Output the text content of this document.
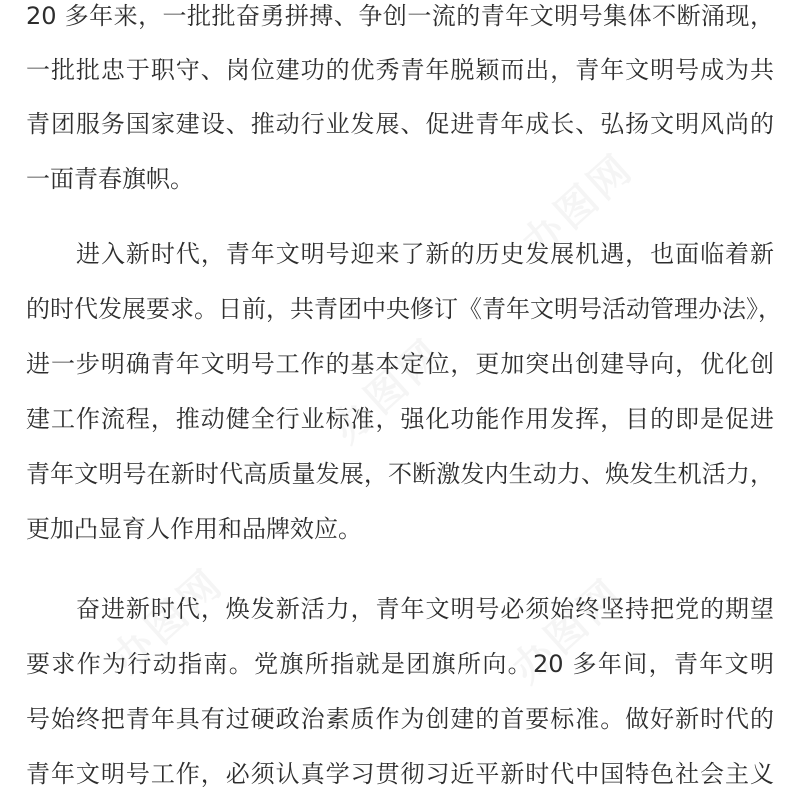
办图网
办图网
办图网	办图网
20 多年来，一批批奋勇拼搏、争创一流的青年文明号集体不断涌现，
一批批忠于职守、岗位建功的优秀青年脱颖而出，青年文明号成为共
青团服务国家建设、推动行业发展、促进青年成长、弘扬文明风尚的
一面青春旗帜。
进入新时代，青年文明号迎来了新的历史发展机遇，也面临着新
的时代发展要求。日前，共青团中央修订《青年文明号活动管理办法》，
进一步明确青年文明号工作的基本定位，更加突出创建导向，优化创
建工作流程，推动健全行业标准，强化功能作用发挥，目的即是促进
青年文明号在新时代高质量发展，不断激发内生动力、焕发生机活力，
更加凸显育人作用和品牌效应。
奋进新时代，焕发新活力，青年文明号必须始终坚持把党的期望
要求作为行动指南。党旗所指就是团旗所向。20 多年间，青年文明
号始终把青年具有过硬政治素质作为创建的首要标准。做好新时代的
青年文明号工作，必须认真学习贯彻习近平新时代中国特色社会主义
